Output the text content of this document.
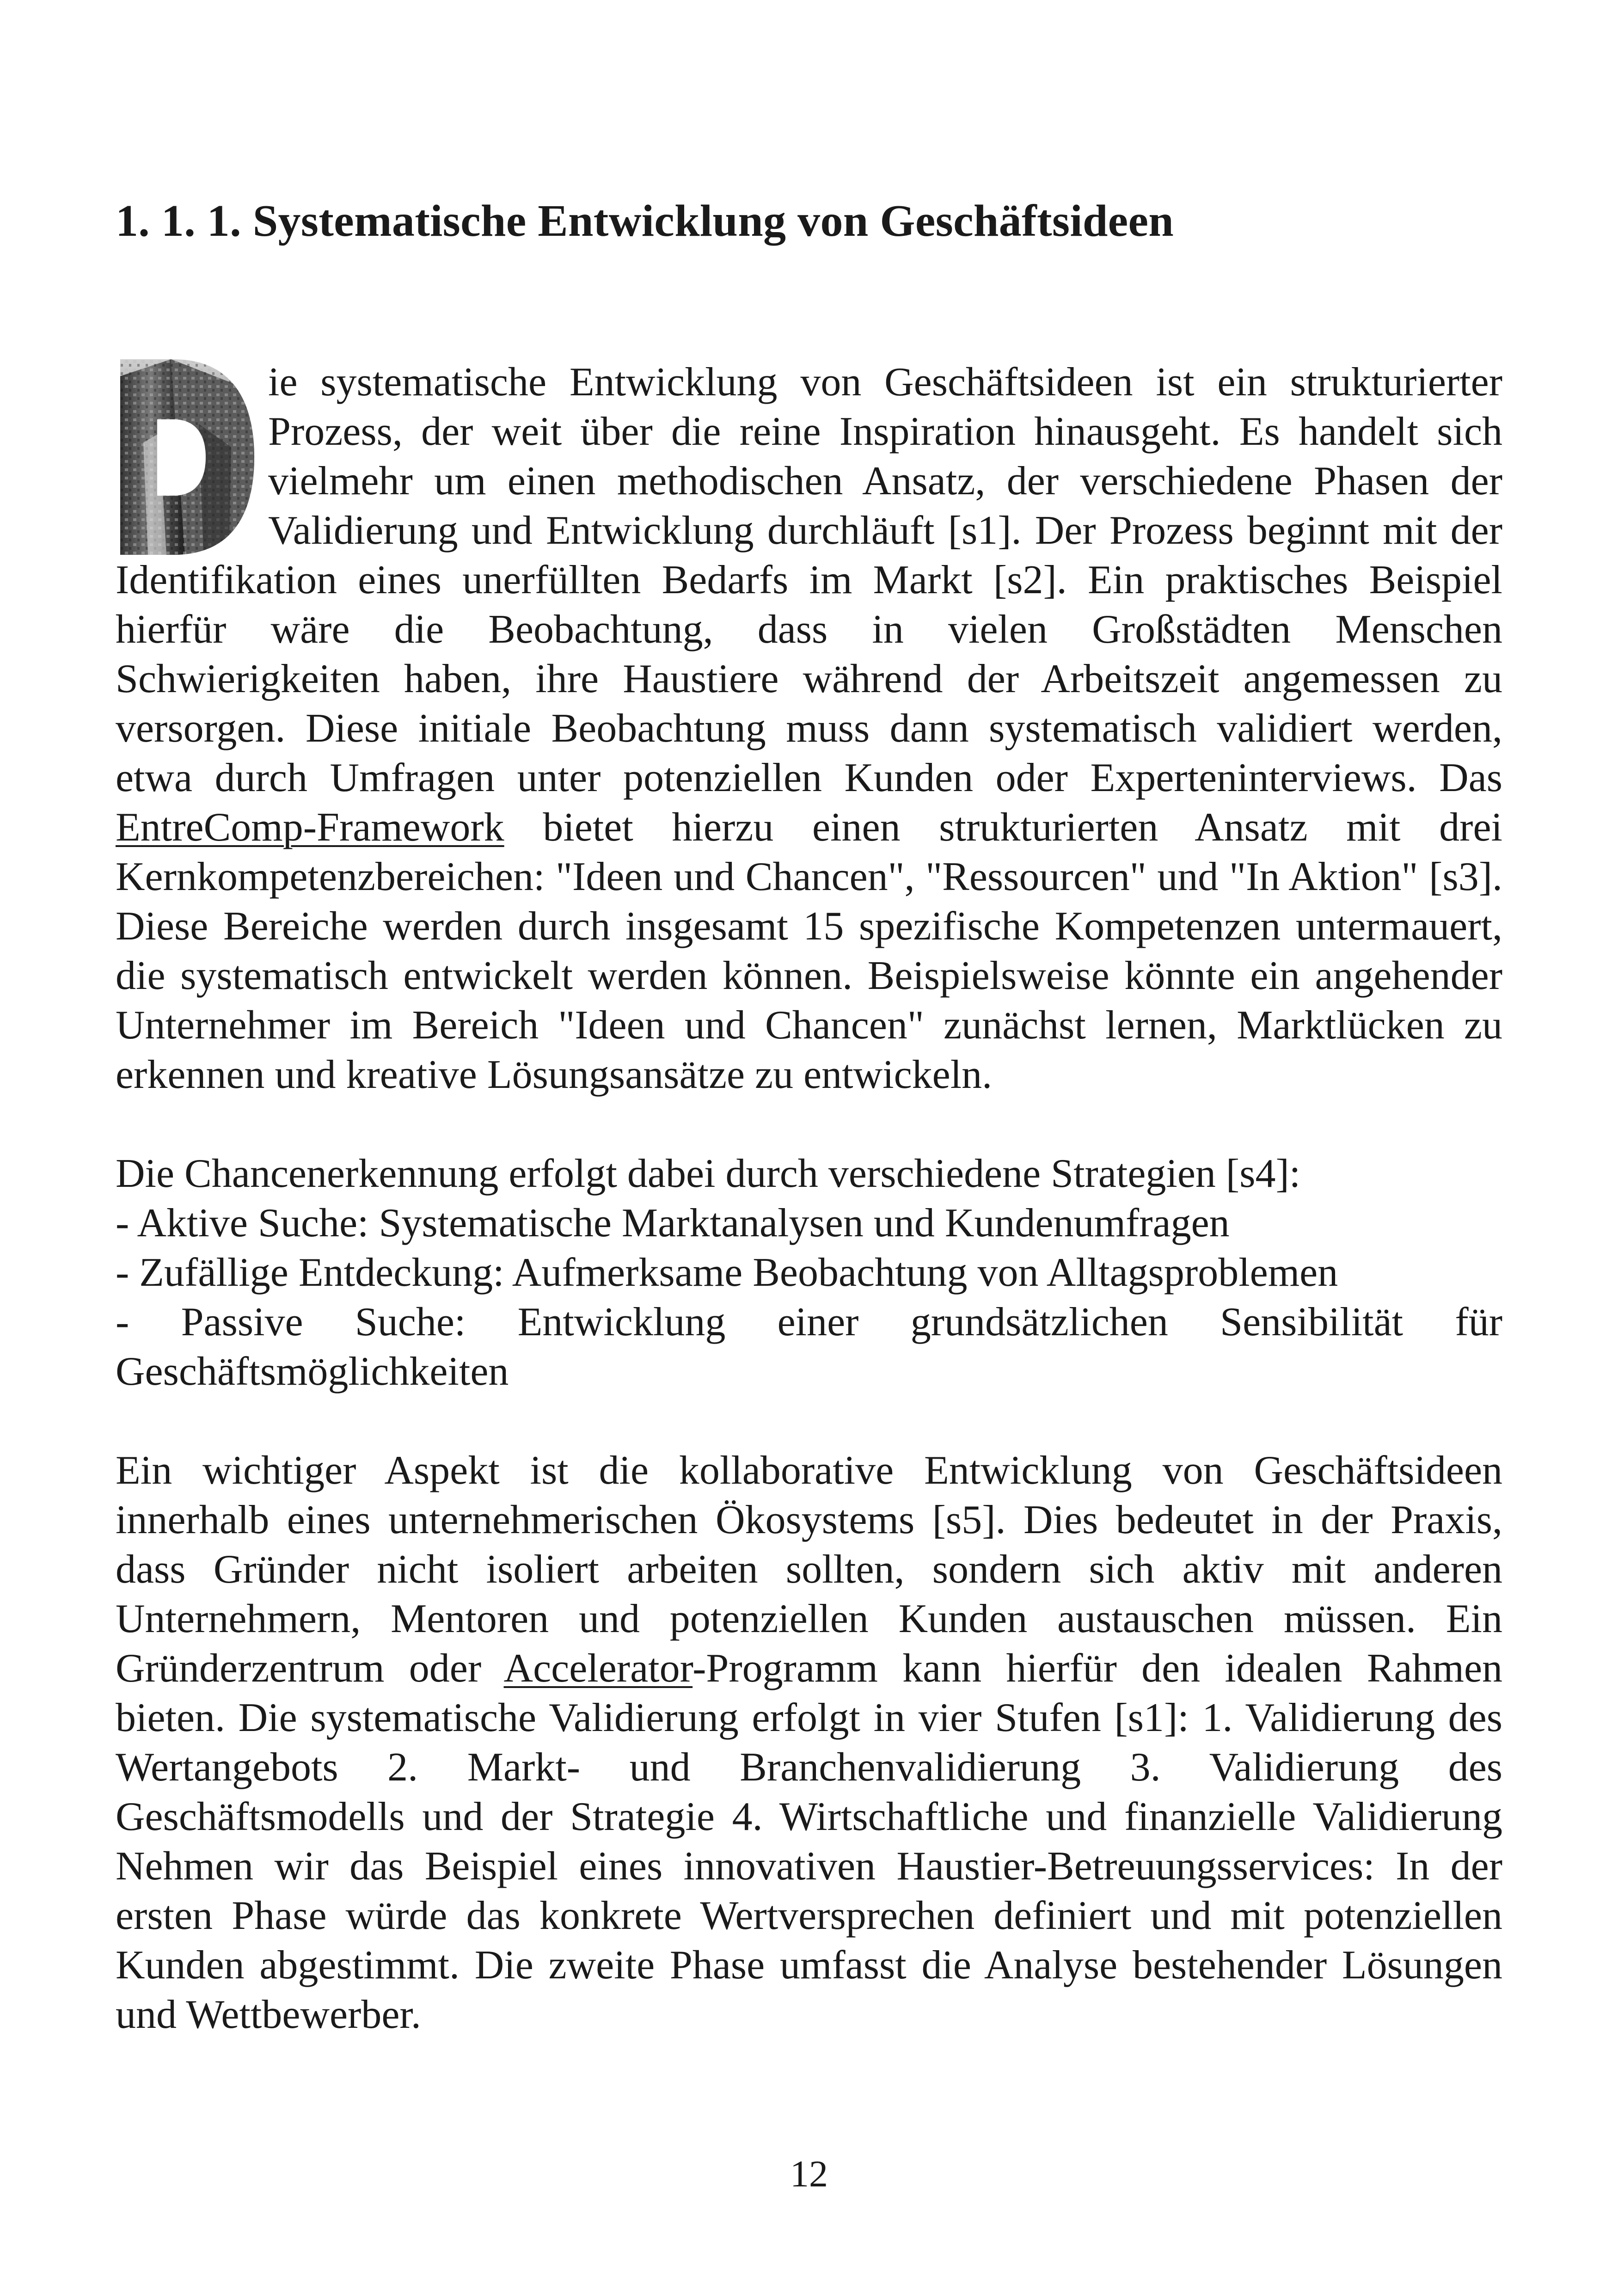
1. 1. 1. Systematische Entwicklung von Geschäftsideen

ie systematische Entwicklung von Geschäftsideen ist ein strukturierter Prozess, der weit über die reine Inspiration hinausgeht. Es handelt sich vielmehr um einen methodischen Ansatz, der verschiedene Phasen der Validierung und Entwicklung durchläuft [s1]. Der Prozess beginnt mit der Identifikation eines unerfüllten Bedarfs im Markt [s2]. Ein praktisches Beispiel hierfür wäre die Beobachtung, dass in vielen Großstädten Menschen Schwierigkeiten haben, ihre Haustiere während der Arbeitszeit angemessen zu versorgen. Diese initiale Beobachtung muss dann systematisch validiert werden, etwa durch Umfragen unter potenziellen Kunden oder Experteninterviews. Das EntreComp-Framework bietet hierzu einen strukturierten Ansatz mit drei Kernkompetenzbereichen: "Ideen und Chancen", "Ressourcen" und "In Aktion" [s3]. Diese Bereiche werden durch insgesamt 15 spezifische Kompetenzen untermauert, die systematisch entwickelt werden können. Beispielsweise könnte ein angehender Unternehmer im Bereich "Ideen und Chancen" zunächst lernen, Marktlücken zu erkennen und kreative Lösungsansätze zu entwickeln.

Die Chancenerkennung erfolgt dabei durch verschiedene Strategien [s4]:
- Aktive Suche: Systematische Marktanalysen und Kundenumfragen
- Zufällige Entdeckung: Aufmerksame Beobachtung von Alltagsproblemen
- Passive Suche: Entwicklung einer grundsätzlichen Sensibilität für Geschäftsmöglichkeiten

Ein wichtiger Aspekt ist die kollaborative Entwicklung von Geschäftsideen innerhalb eines unternehmerischen Ökosystems [s5]. Dies bedeutet in der Praxis, dass Gründer nicht isoliert arbeiten sollten, sondern sich aktiv mit anderen Unternehmern, Mentoren und potenziellen Kunden austauschen müssen. Ein Gründerzentrum oder Accelerator-Programm kann hierfür den idealen Rahmen bieten. Die systematische Validierung erfolgt in vier Stufen [s1]: 1. Validierung des Wertangebots 2. Markt- und Branchenvalidierung 3. Validierung des Geschäftsmodells und der Strategie 4. Wirtschaftliche und finanzielle Validierung Nehmen wir das Beispiel eines innovativen Haustier-Betreuungsservices: In der ersten Phase würde das konkrete Wertversprechen definiert und mit potenziellen Kunden abgestimmt. Die zweite Phase umfasst die Analyse bestehender Lösungen und Wettbewerber.

12
